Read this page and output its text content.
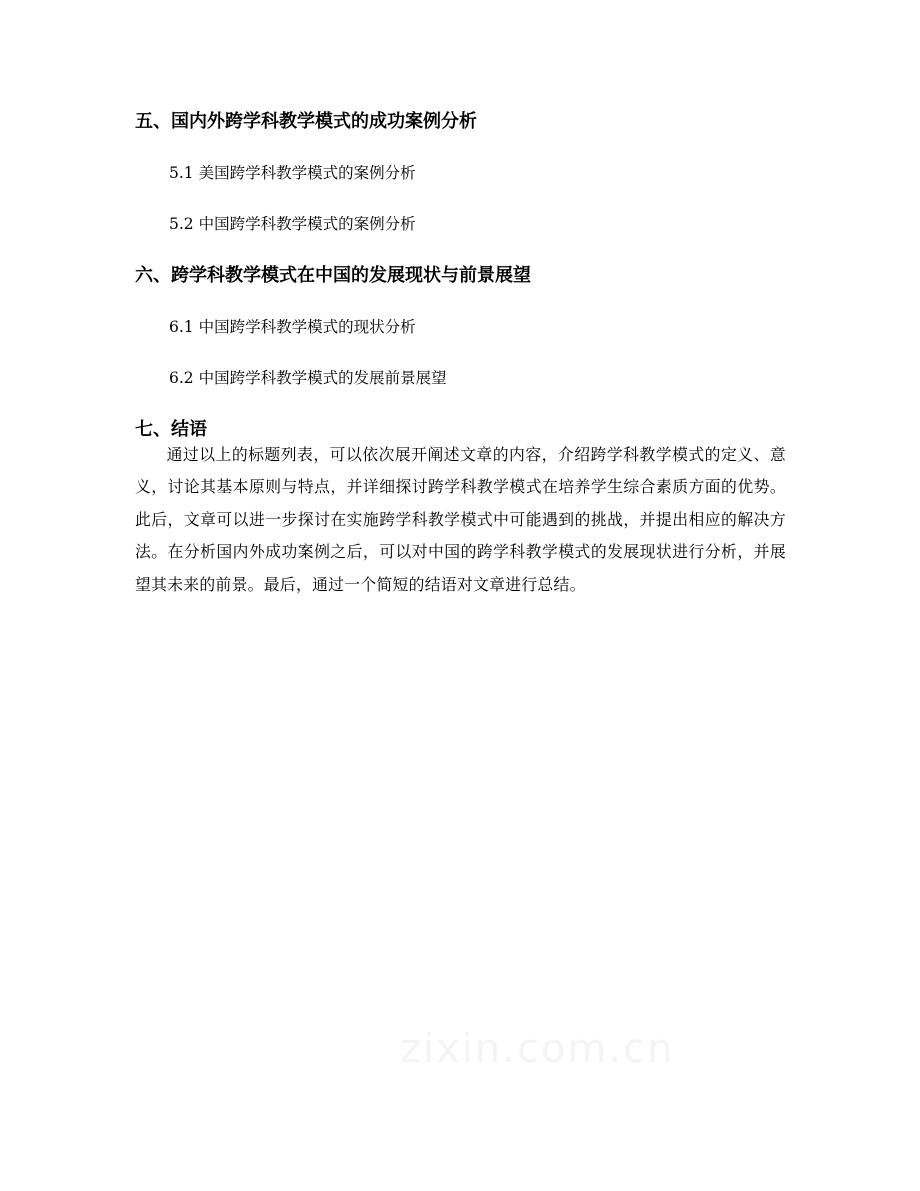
五、国内外跨学科教学模式的成功案例分析
5.1 美国跨学科教学模式的案例分析
5.2 中国跨学科教学模式的案例分析
六、跨学科教学模式在中国的发展现状与前景展望
6.1 中国跨学科教学模式的现状分析
6.2 中国跨学科教学模式的发展前景展望
七、结语
通过以上的标题列表，可以依次展开阐述文章的内容，介绍跨学科教学模式的定义、意义，讨论其基本原则与特点，并详细探讨跨学科教学模式在培养学生综合素质方面的优势。此后，文章可以进一步探讨在实施跨学科教学模式中可能遇到的挑战，并提出相应的解决方法。在分析国内外成功案例之后，可以对中国的跨学科教学模式的发展现状进行分析，并展望其未来的前景。最后，通过一个简短的结语对文章进行总结。
zixin.com.cn
